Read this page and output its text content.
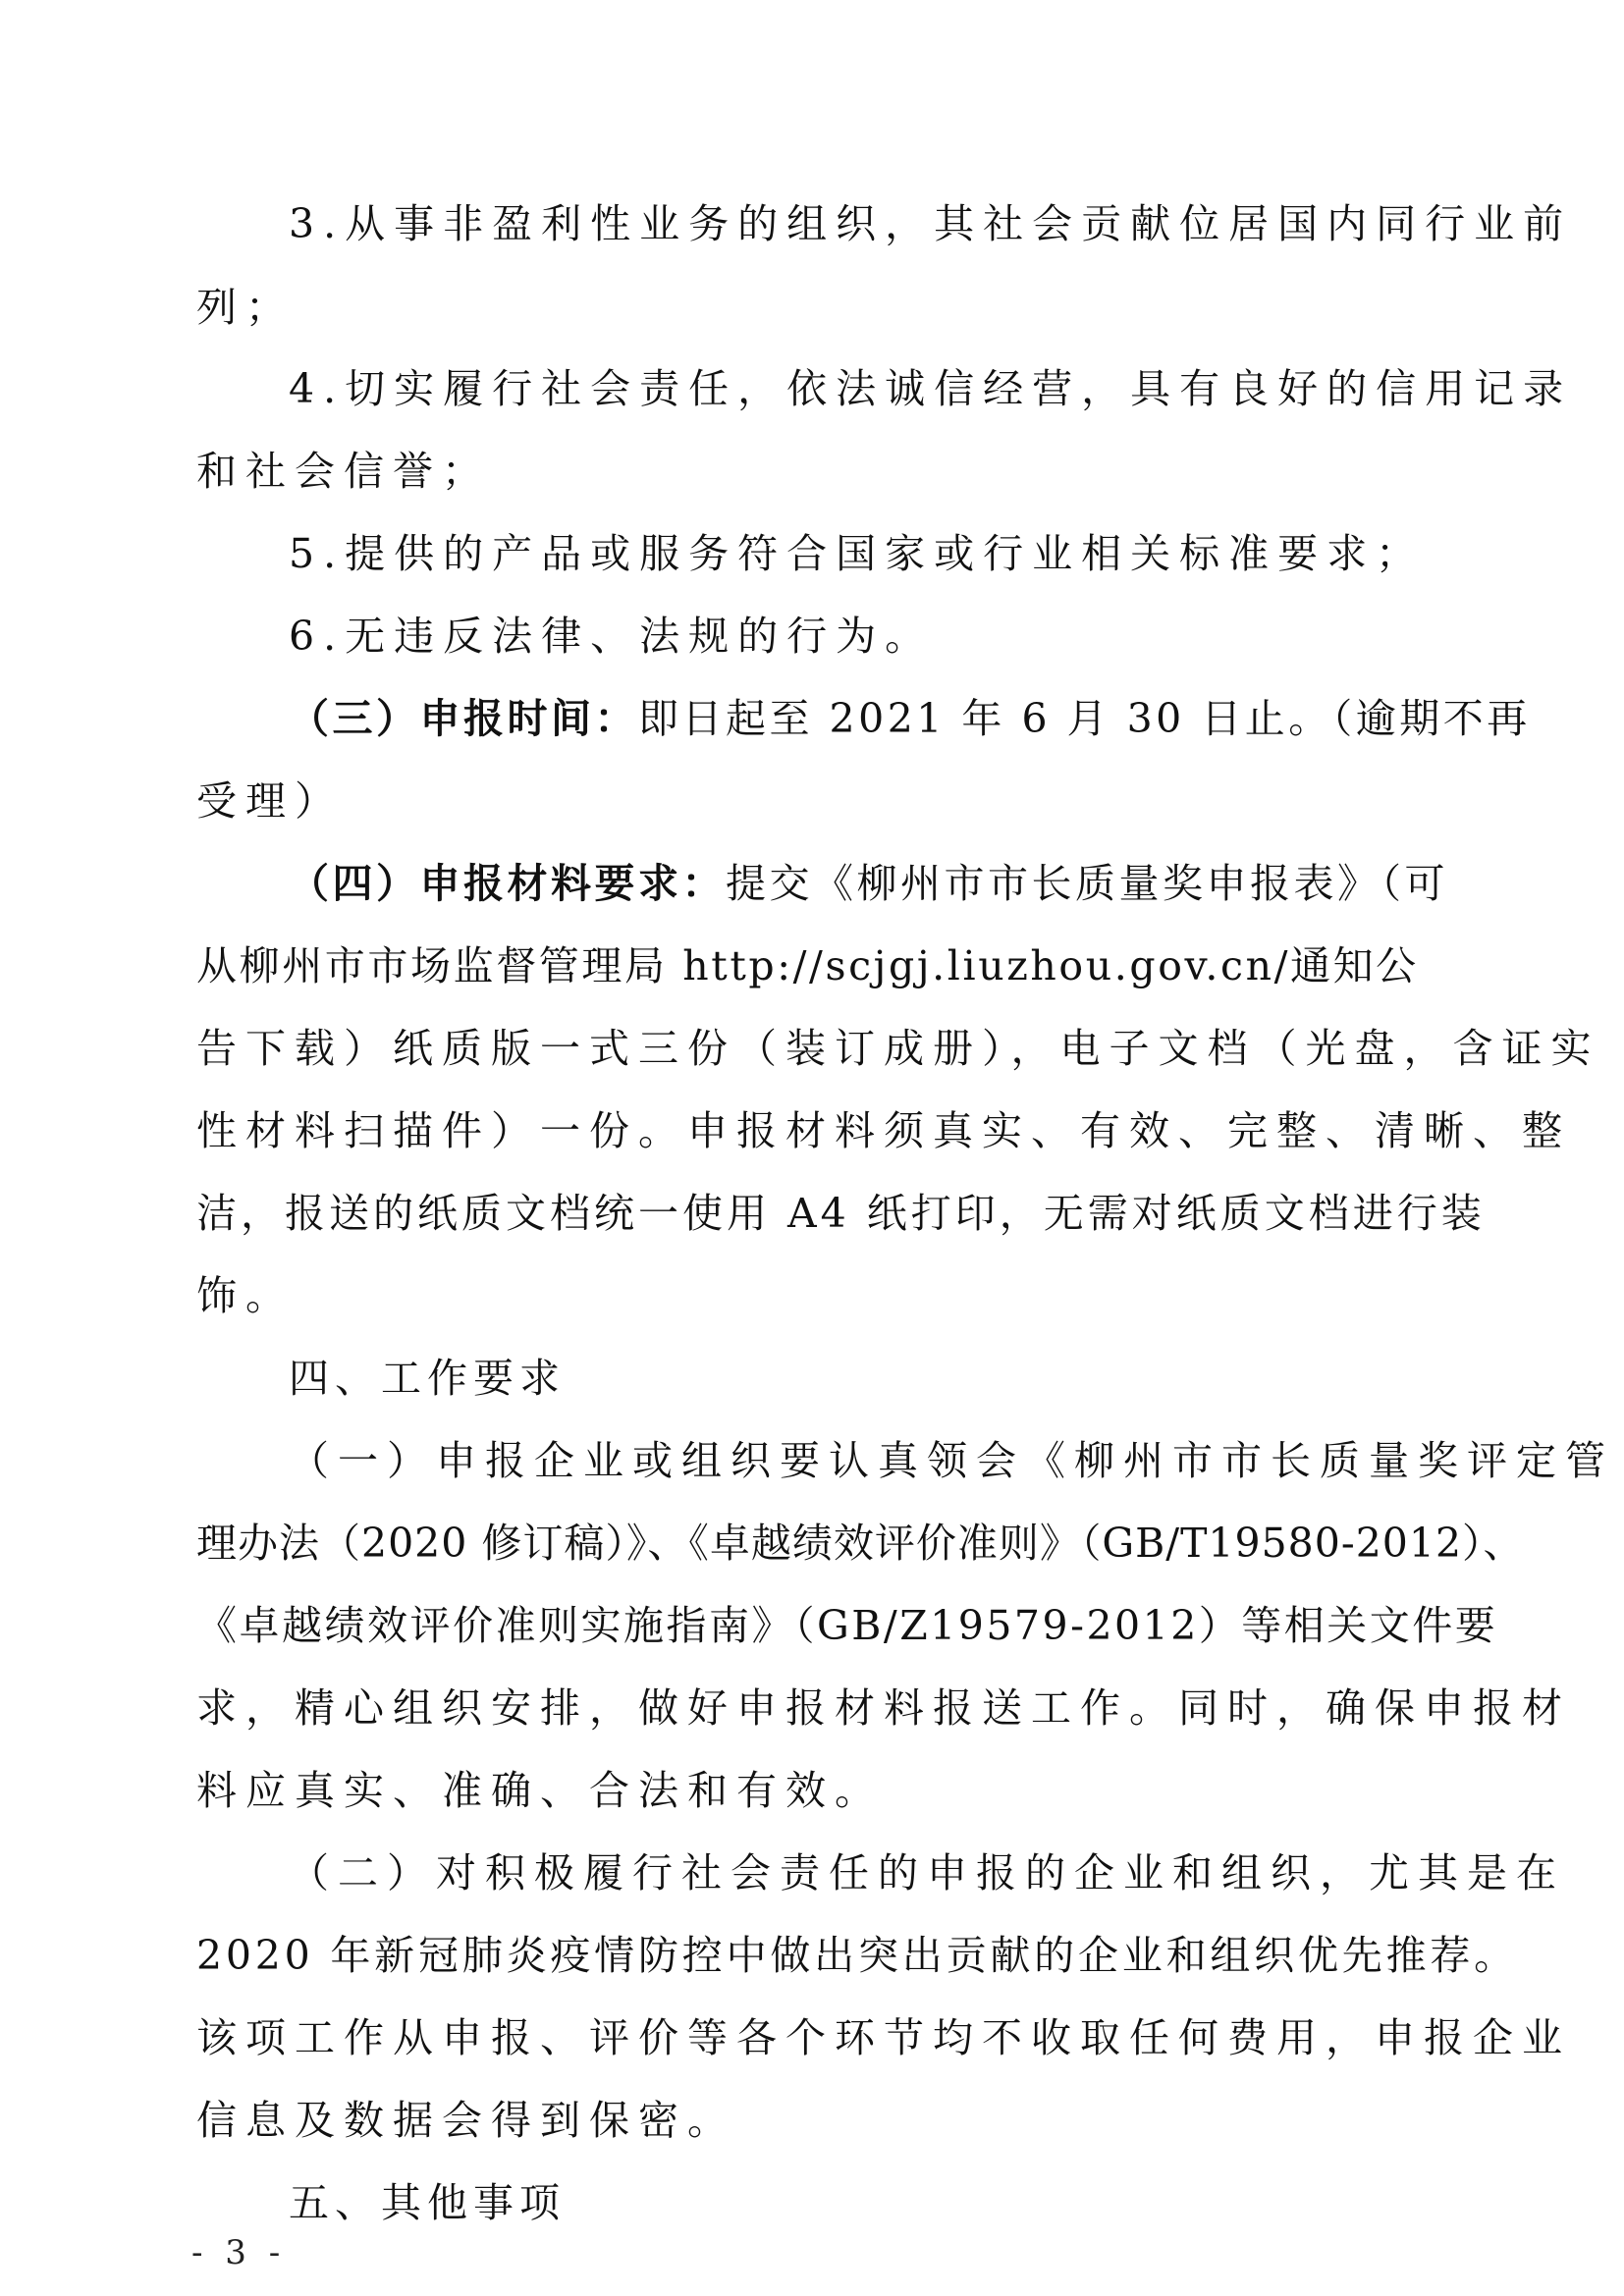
3.从事非盈利性业务的组织，其社会贡献位居国内同行业前

列；

4.切实履行社会责任，依法诚信经营，具有良好的信用记录

和社会信誉；

5.提供的产品或服务符合国家或行业相关标准要求；

6.无违反法律、法规的行为。

（三）申报时间：即日起至 2021 年 6 月 30 日止。（逾期不再

受理）

（四）申报材料要求：提交《柳州市市长质量奖申报表》（可

从柳州市市场监督管理局 http://scjgj.liuzhou.gov.cn/通知公

告下载）纸质版一式三份（装订成册），电子文档（光盘，含证实

性材料扫描件）一份。申报材料须真实、有效、完整、清晰、整

洁，报送的纸质文档统一使用 A4 纸打印，无需对纸质文档进行装

饰。

四、工作要求

（一）申报企业或组织要认真领会《柳州市市长质量奖评定管

理办法（2020 修订稿）》、《卓越绩效评价准则》（GB/T19580-2012）、

《卓越绩效评价准则实施指南》（GB/Z19579-2012）等相关文件要

求，精心组织安排，做好申报材料报送工作。同时，确保申报材

料应真实、准确、合法和有效。

（二）对积极履行社会责任的申报的企业和组织，尤其是在

2020 年新冠肺炎疫情防控中做出突出贡献的企业和组织优先推荐。

该项工作从申报、评价等各个环节均不收取任何费用，申报企业

信息及数据会得到保密。

五、其他事项

- 3 -
